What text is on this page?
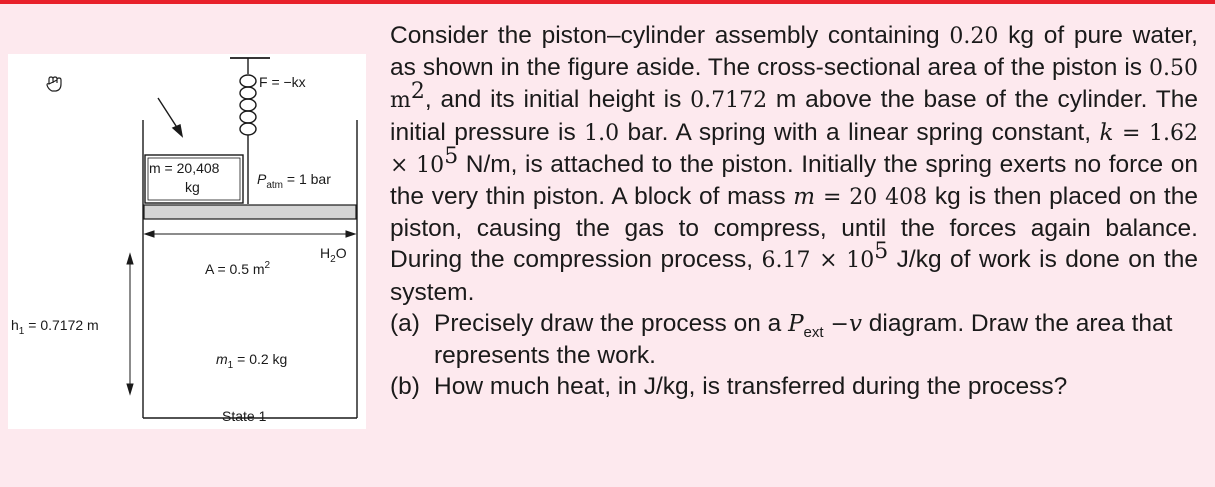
F = −kx
m = 20,408
kg	$P_{atm} = 1$ bar
$H_2O$
A = 0.5 $m^2$
$h_1 = 0.7172$ m
$m_1 = 0.2$ kg
State 1

Consider the piston–cylinder assembly containing 0.20 kg of pure water, as shown in the figure aside. The cross-sectional area of the piston is 0.50 $m^2$, and its initial height is 0.7172 m above the base of the cylinder. The initial pressure is 1.0 bar. A spring with a linear spring constant, $k = 1.62 \times 10^5$ N/m, is attached to the piston. Initially the spring exerts no force on the very thin piston. A block of mass m = 20 408 kg is then placed on the piston, causing the gas to compress, until the forces again balance. During the compression process, $6.17 \times 10^5$ J/kg of work is done on the system.

(a) Precisely draw the process on a $P_{ext} -v$ diagram. Draw the area that represents the work.
(b) How much heat, in J/kg, is transferred during the process?
